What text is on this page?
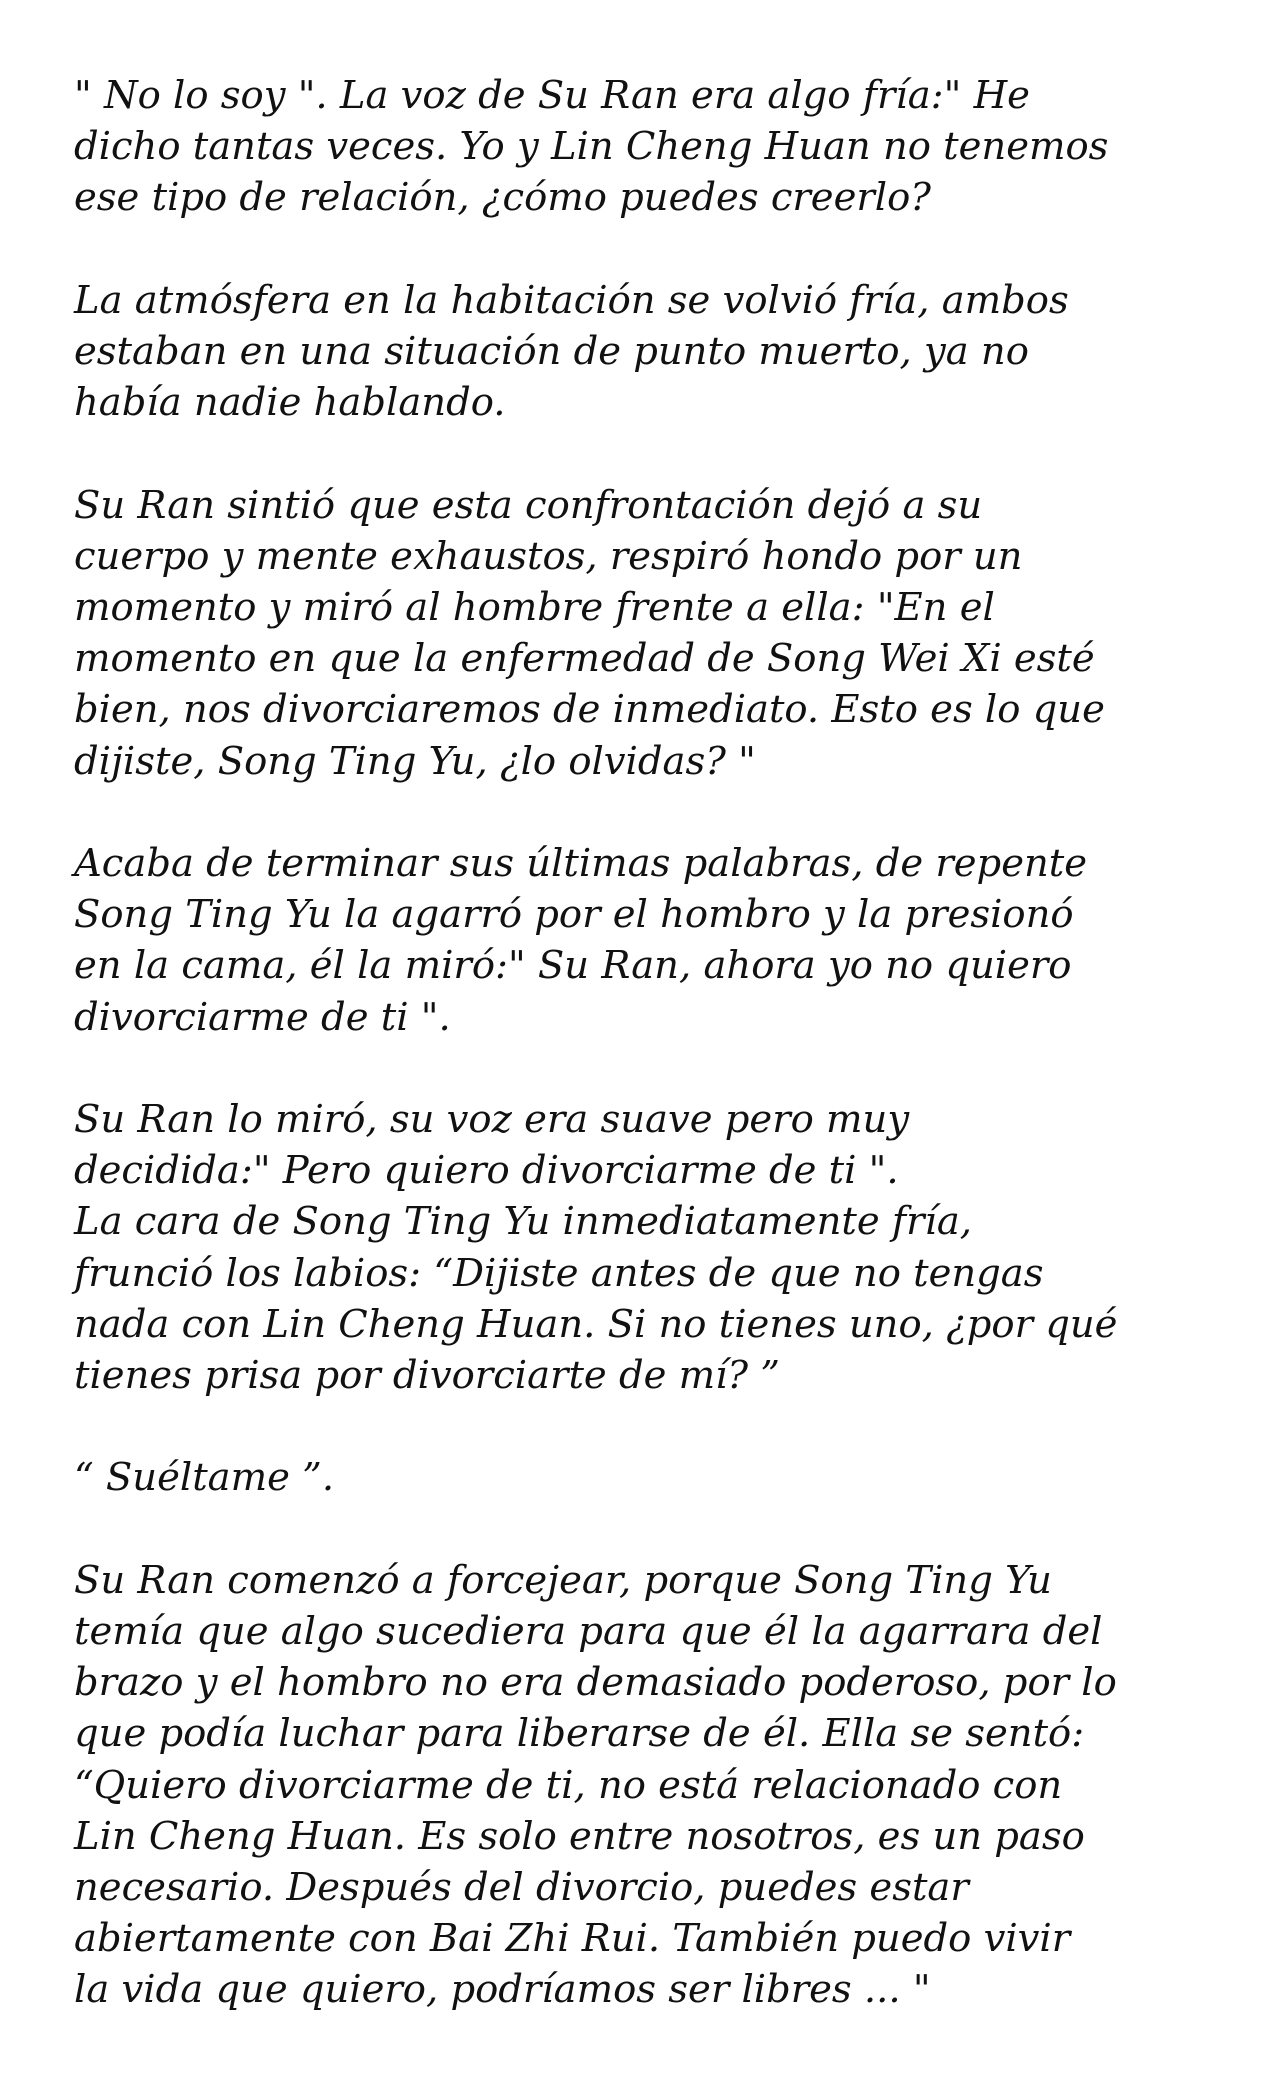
" No lo soy ". La voz de Su Ran era algo fría:" He
dicho tantas veces. Yo y Lin Cheng Huan no tenemos
ese tipo de relación, ¿cómo puedes creerlo?
La atmósfera en la habitación se volvió fría, ambos
estaban en una situación de punto muerto, ya no
había nadie hablando.
Su Ran sintió que esta confrontación dejó a su
cuerpo y mente exhaustos, respiró hondo por un
momento y miró al hombre frente a ella: "En el
momento en que la enfermedad de Song Wei Xi esté
bien, nos divorciaremos de inmediato. Esto es lo que
dijiste, Song Ting Yu, ¿lo olvidas? "
Acaba de terminar sus últimas palabras, de repente
Song Ting Yu la agarró por el hombro y la presionó
en la cama, él la miró:" Su Ran, ahora yo no quiero
divorciarme de ti ".
Su Ran lo miró, su voz era suave pero muy
decidida:" Pero quiero divorciarme de ti ".
La cara de Song Ting Yu inmediatamente fría,
frunció los labios: “Dijiste antes de que no tengas
nada con Lin Cheng Huan. Si no tienes uno, ¿por qué
tienes prisa por divorciarte de mí? ”
“ Suéltame ”.
Su Ran comenzó a forcejear, porque Song Ting Yu
temía que algo sucediera para que él la agarrara del
brazo y el hombro no era demasiado poderoso, por lo
que podía luchar para liberarse de él. Ella se sentó:
“Quiero divorciarme de ti, no está relacionado con
Lin Cheng Huan. Es solo entre nosotros, es un paso
necesario. Después del divorcio, puedes estar
abiertamente con Bai Zhi Rui. También puedo vivir
la vida que quiero, podríamos ser libres ... "
